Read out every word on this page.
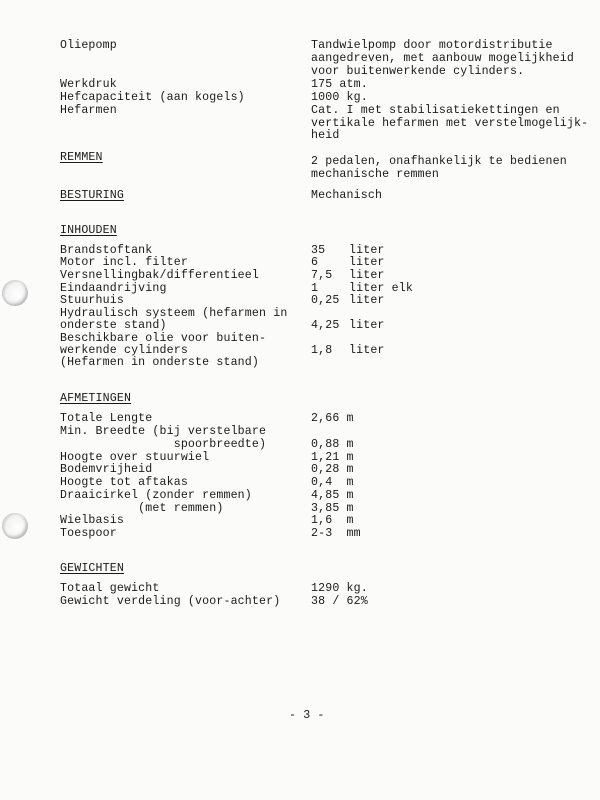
Oliepomp	Tandwielpomp door motordistributie
aangedreven, met aanbouw mogelijkheid
voor buitenwerkende cylinders.
Werkdruk	175 atm.
Hefcapaciteit (aan kogels)	1000 kg.
Hefarmen	Cat. I met stabilisatiekettingen en
vertikale hefarmen met verstelmogelijk-
heid
REMMEN	2 pedalen, onafhankelijk te bedienen
mechanische remmen
BESTURING	Mechanisch
INHOUDEN
Brandstoftank	35 liter
Motor incl. filter	6	liter
Versnellingbak/differentieel	7,5 liter
Eindaandrijving	1	liter elk
Stuurhuis	0,25 liter
Hydraulisch systeem (hefarmen in
onderste stand)	4,25 liter
Beschikbare olie voor buiten-
werkende cylinders	1,8 liter
(Hefarmen in onderste stand)
AFMETINGEN
Totale Lengte	2,66 m
Min. Breedte (bij verstelbare
spoorbreedte)	0,88 m
Hoogte over stuurwiel	1,21 m
Bodemvrijheid	0,28 m
Hoogte tot aftakas	0,4  m
Draaicirkel (zonder remmen)	4,85 m
(met remmen)	3,85 m
Wielbasis	1,6  m
Toespoor	2-3  mm
GEWICHTEN
Totaal gewicht	1290 kg.
Gewicht verdeling (voor-achter)	38 / 62%
- 3 -
